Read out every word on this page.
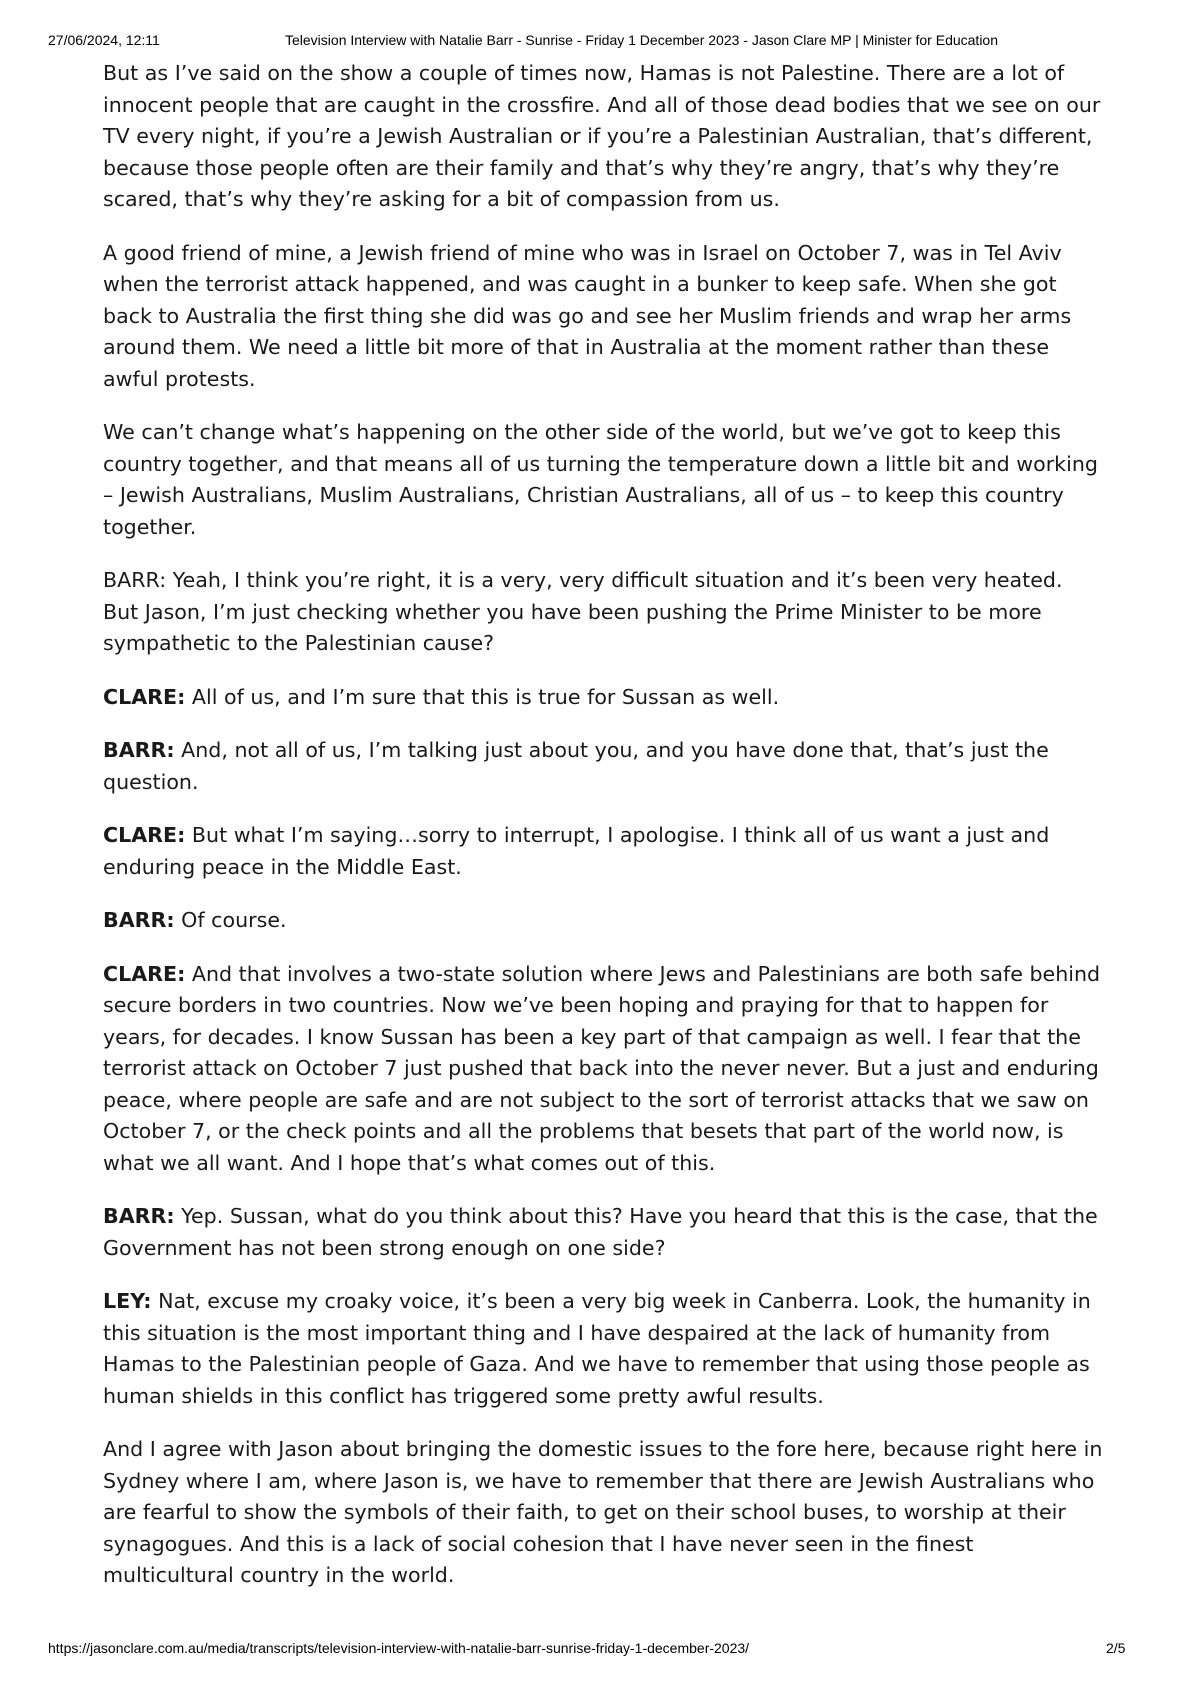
27/06/2024, 12:11	Television Interview with Natalie Barr - Sunrise - Friday 1 December 2023 - Jason Clare MP | Minister for Education

But as I’ve said on the show a couple of times now, Hamas is not Palestine. There are a lot of innocent people that are caught in the crossfire. And all of those dead bodies that we see on our TV every night, if you’re a Jewish Australian or if you’re a Palestinian Australian, that’s different, because those people often are their family and that’s why they’re angry, that’s why they’re scared, that’s why they’re asking for a bit of compassion from us.

A good friend of mine, a Jewish friend of mine who was in Israel on October 7, was in Tel Aviv when the terrorist attack happened, and was caught in a bunker to keep safe. When she got back to Australia the first thing she did was go and see her Muslim friends and wrap her arms around them. We need a little bit more of that in Australia at the moment rather than these awful protests.

We can’t change what’s happening on the other side of the world, but we’ve got to keep this country together, and that means all of us turning the temperature down a little bit and working – Jewish Australians, Muslim Australians, Christian Australians, all of us – to keep this country together.

BARR: Yeah, I think you’re right, it is a very, very difficult situation and it’s been very heated. But Jason, I’m just checking whether you have been pushing the Prime Minister to be more sympathetic to the Palestinian cause?

CLARE: All of us, and I’m sure that this is true for Sussan as well.

BARR: And, not all of us, I’m talking just about you, and you have done that, that’s just the question.

CLARE: But what I’m saying…sorry to interrupt, I apologise. I think all of us want a just and enduring peace in the Middle East.

BARR: Of course.

CLARE: And that involves a two-state solution where Jews and Palestinians are both safe behind secure borders in two countries. Now we’ve been hoping and praying for that to happen for years, for decades. I know Sussan has been a key part of that campaign as well. I fear that the terrorist attack on October 7 just pushed that back into the never never. But a just and enduring peace, where people are safe and are not subject to the sort of terrorist attacks that we saw on October 7, or the check points and all the problems that besets that part of the world now, is what we all want. And I hope that’s what comes out of this.

BARR: Yep. Sussan, what do you think about this? Have you heard that this is the case, that the Government has not been strong enough on one side?

LEY: Nat, excuse my croaky voice, it’s been a very big week in Canberra. Look, the humanity in this situation is the most important thing and I have despaired at the lack of humanity from Hamas to the Palestinian people of Gaza. And we have to remember that using those people as human shields in this conflict has triggered some pretty awful results.

And I agree with Jason about bringing the domestic issues to the fore here, because right here in Sydney where I am, where Jason is, we have to remember that there are Jewish Australians who are fearful to show the symbols of their faith, to get on their school buses, to worship at their synagogues. And this is a lack of social cohesion that I have never seen in the finest multicultural country in the world.

https://jasonclare.com.au/media/transcripts/television-interview-with-natalie-barr-sunrise-friday-1-december-2023/	2/5
